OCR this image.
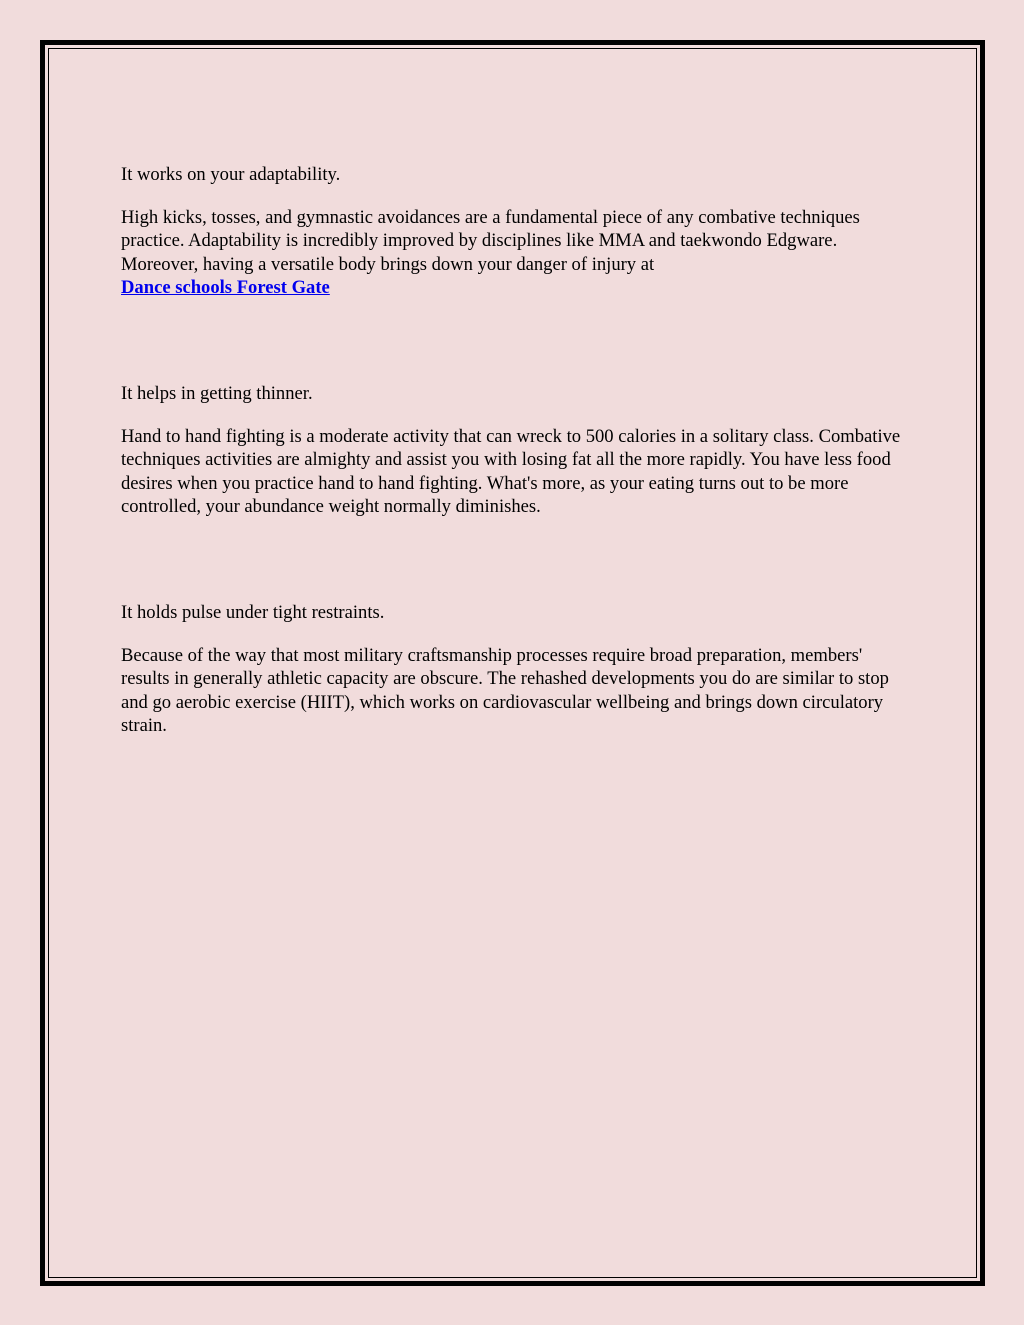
It works on your adaptability.

High kicks, tosses, and gymnastic avoidances are a fundamental piece of any combative techniques practice. Adaptability is incredibly improved by disciplines like MMA and taekwondo Edgware. Moreover, having a versatile body brings down your danger of injury at
Dance schools Forest Gate

It helps in getting thinner.

Hand to hand fighting is a moderate activity that can wreck to 500 calories in a solitary class. Combative techniques activities are almighty and assist you with losing fat all the more rapidly. You have less food desires when you practice hand to hand fighting. What's more, as your eating turns out to be more controlled, your abundance weight normally diminishes.

It holds pulse under tight restraints.

Because of the way that most military craftsmanship processes require broad preparation, members' results in generally athletic capacity are obscure. The rehashed developments you do are similar to stop and go aerobic exercise (HIIT), which works on cardiovascular wellbeing and brings down circulatory strain.
